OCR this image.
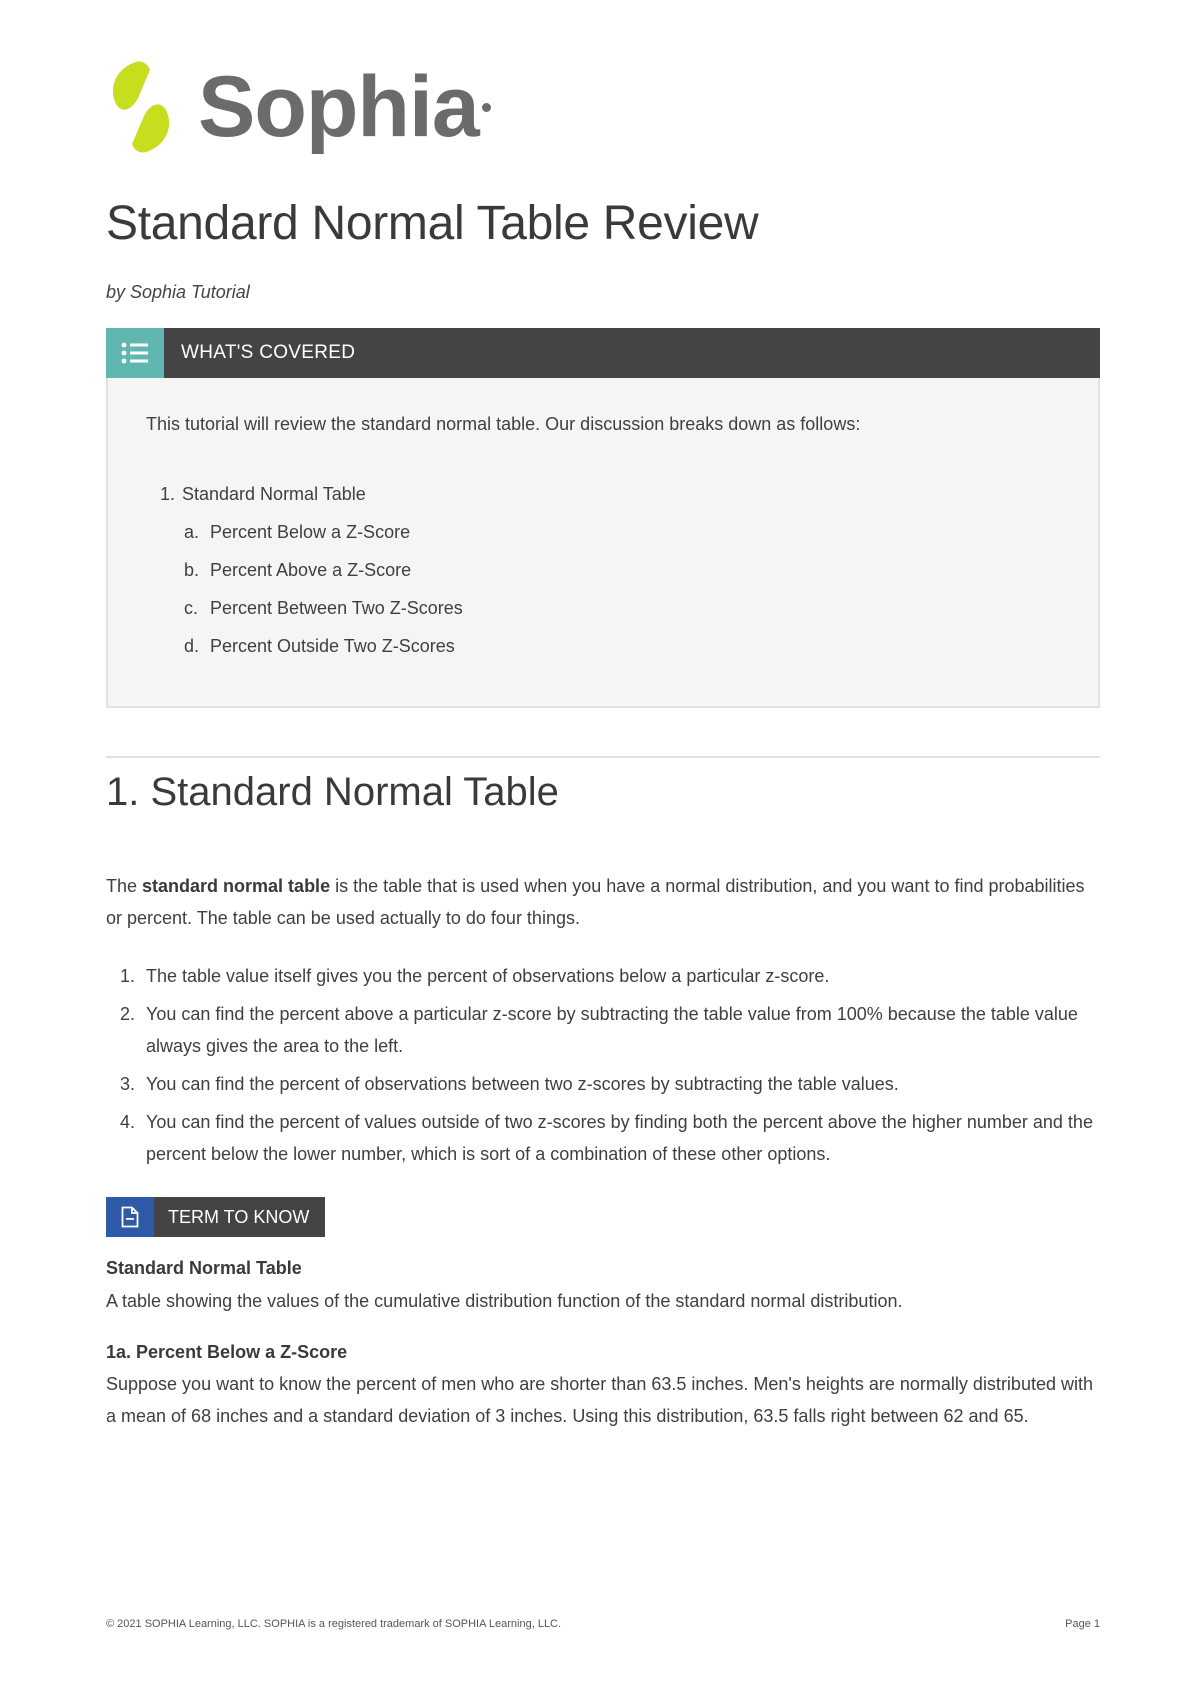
Sophia
Standard Normal Table Review
by Sophia Tutorial
WHAT'S COVERED

This tutorial will review the standard normal table. Our discussion breaks down as follows:

1. Standard Normal Table
a. Percent Below a Z-Score
b. Percent Above a Z-Score
c. Percent Between Two Z-Scores
d. Percent Outside Two Z-Scores
1. Standard Normal Table

The standard normal table is the table that is used when you have a normal distribution, and you want to find probabilities or percent. The table can be used actually to do four things.

1. The table value itself gives you the percent of observations below a particular z-score.
2. You can find the percent above a particular z-score by subtracting the table value from 100% because the table value always gives the area to the left.
3. You can find the percent of observations between two z-scores by subtracting the table values.
4. You can find the percent of values outside of two z-scores by finding both the percent above the higher number and the percent below the lower number, which is sort of a combination of these other options.
TERM TO KNOW

Standard Normal Table

A table showing the values of the cumulative distribution function of the standard normal distribution.

1a. Percent Below a Z-Score

Suppose you want to know the percent of men who are shorter than 63.5 inches. Men's heights are normally distributed with a mean of 68 inches and a standard deviation of 3 inches. Using this distribution, 63.5 falls right between 62 and 65.

© 2021 SOPHIA Learning, LLC. SOPHIA is a registered trademark of SOPHIA Learning, LLC.	Page 1
